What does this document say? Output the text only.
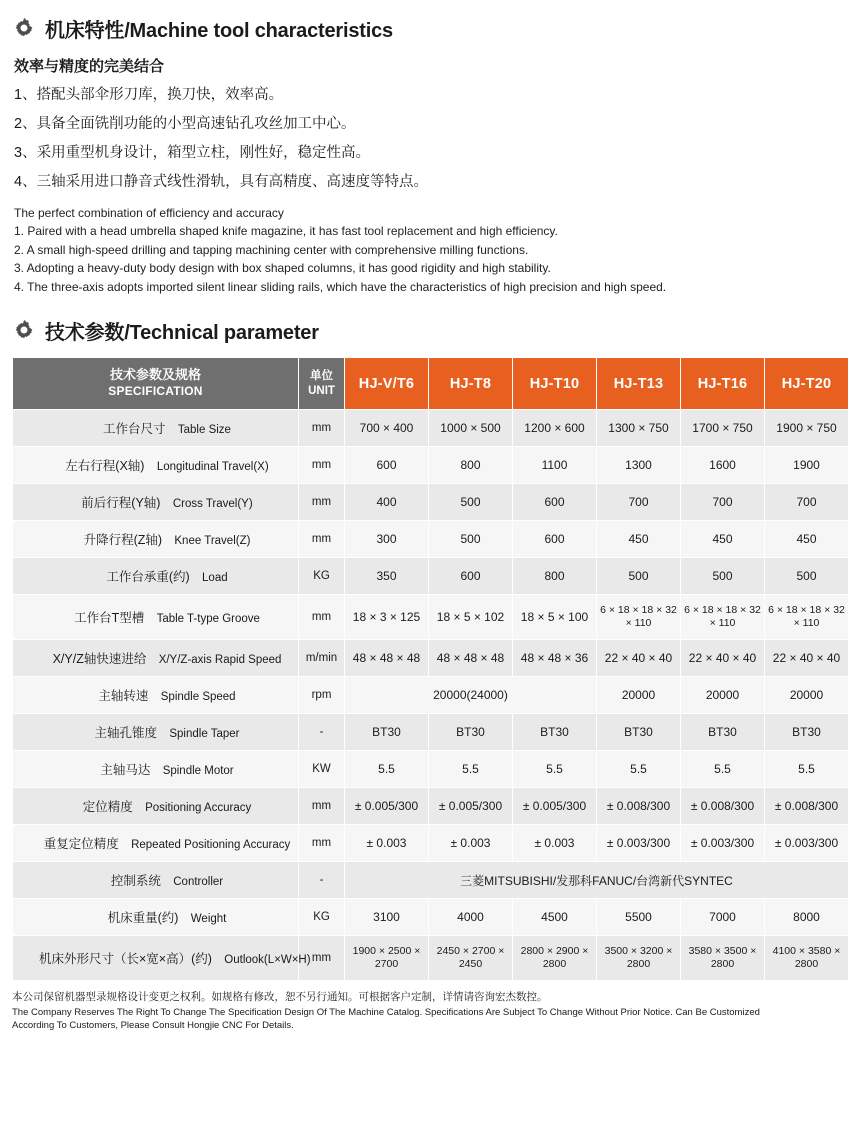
机床特性/Machine tool characteristics
效率与精度的完美结合

1、搭配头部伞形刀库，换刀快，效率高。

2、具备全面铣削功能的小型高速钻孔攻丝加工中心。

3、采用重型机身设计，箱型立柱，刚性好，稳定性高。

4、三轴采用进口静音式线性滑轨，具有高精度、高速度等特点。

The perfect combination of efficiency and accuracy

1. Paired with a head umbrella shaped knife magazine, it has fast tool replacement and high efficiency.

2. A small high-speed drilling and tapping machining center with comprehensive milling functions.

3. Adopting a heavy-duty body design with box shaped columns, it has good rigidity and high stability.

4. The three-axis adopts imported silent linear sliding rails, which have the characteristics of high precision and high speed.

技术参数/Technical parameter
技术参数及规格
SPECIFICATION	单位 UNIT	HJ-V/T6	HJ-T8	HJ-T10	HJ-T13	HJ-T16	HJ-T20
工作台尺寸 Table Size	mm	700 × 400	1000 × 500	1200 × 600	1300 × 750	1700 × 750	1900 × 750
左右行程(X轴) Longitudinal Travel(X)	mm	600	800	1100	1300	1600	1900
前后行程(Y轴) Cross Travel(Y)	mm	400	500	600	700	700	700
升降行程(Z轴) Knee Travel(Z)	mm	300	500	600	450	450	450
工作台承重(约) Load	KG	350	600	800	500	500	500
工作台T型槽 Table T-type Groove	mm	18 × 3 × 125	18 × 5 × 102	18 × 5 × 100	6 × 18 × 18 × 32 × 110	6 × 18 × 18 × 32 × 110	6 × 18 × 18 × 32 × 110
X/Y/Z轴快速进给 X/Y/Z-axis Rapid Speed	m/min	48 × 48 × 48	48 × 48 × 48	48 × 48 × 36	22 × 40 × 40	22 × 40 × 40	22 × 40 × 40
主轴转速 Spindle Speed	rpm	20000(24000)			20000	20000	20000
主轴孔锥度 Spindle Taper	-	BT30	BT30	BT30	BT30	BT30	BT30
主轴马达 Spindle Motor	KW	5.5	5.5	5.5	5.5	5.5	5.5
定位精度 Positioning Accuracy	mm	± 0.005/300	± 0.005/300	± 0.005/300	± 0.008/300	± 0.008/300	± 0.008/300
重复定位精度 Repeated Positioning Accuracy	mm	± 0.003	± 0.003	± 0.003	± 0.003/300	± 0.003/300	± 0.003/300
控制系统 Controller	-	三菱MITSUBISHI/发那科FANUC/台湾新代SYNTEC					
机床重量(约) Weight	KG	3100	4000	4500	5500	7000	8000
机床外形尺寸（长×宽×高）(约) Outlook(L×W×H)	mm	1900 × 2500 × 2700	2450 × 2700 × 2450	2800 × 2900 × 2800	3500 × 3200 × 2800	3580 × 3500 × 2800	4100 × 3580 × 2800

本公司保留机器型录规格设计变更之权利。如规格有修改，恕不另行通知。可根据客户定制，详情请咨询宏杰数控。

The Company Reserves The Right To Change The Specification Design Of The Machine Catalog. Specifications Are Subject To Change Without Prior Notice. Can Be Customized

According To Customers, Please Consult Hongjie CNC For Details.
